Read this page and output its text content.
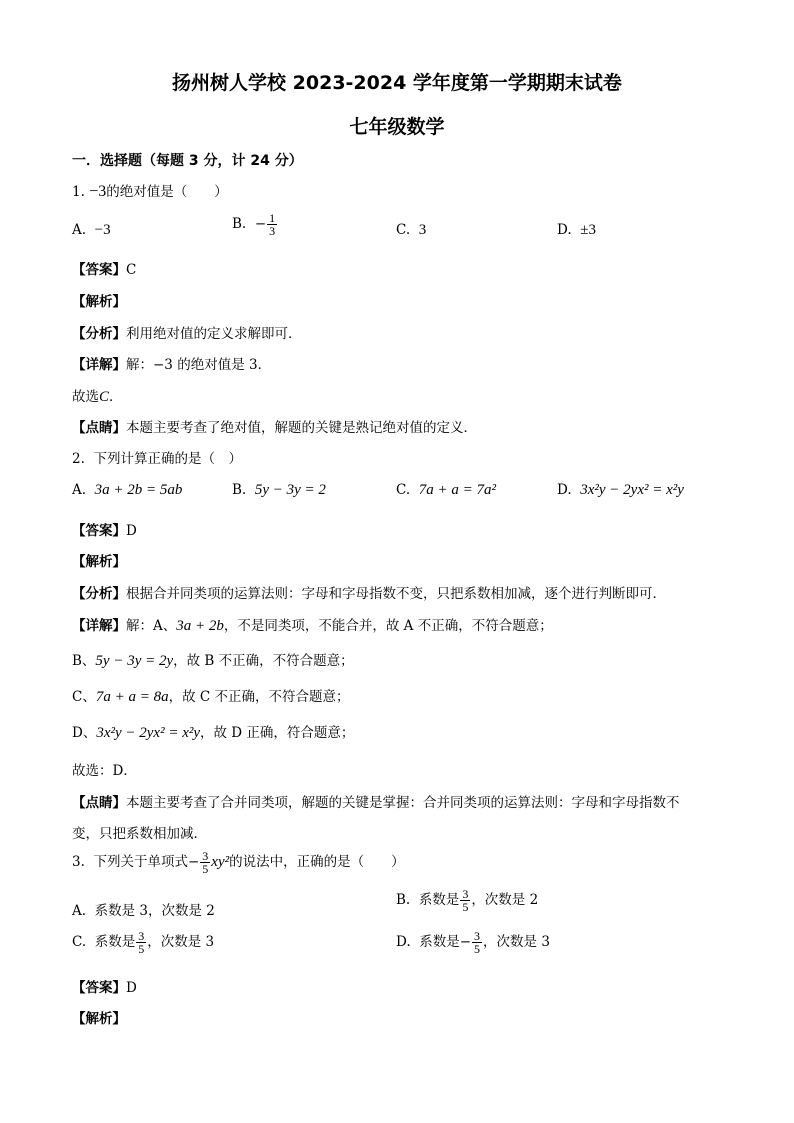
扬州树人学校 2023-2024 学年度第一学期期末试卷
七年级数学
一．选择题（每题 3 分，计 24 分）
1. −3的绝对值是（　　）
A. −3	B. − $\frac{1}{3}$	C. 3	D. ±3
【答案】C
【解析】
【分析】利用绝对值的定义求解即可．
【详解】解：−3 的绝对值是 3．
故选C．
【点睛】本题主要考查了绝对值，解题的关键是熟记绝对值的定义．
2. 下列计算正确的是（　）
A. 3a + 2b = 5ab	B. 5y − 3y = 2	C. 7a + a = 7a²	D. 3x²y − 2yx² = x²y
【答案】D
【解析】
【分析】根据合并同类项的运算法则：字母和字母指数不变，只把系数相加减，逐个进行判断即可．
【详解】解：A、3a + 2b，不是同类项，不能合并，故 A 不正确，不符合题意；
B、5y − 3y = 2y，故 B 不正确，不符合题意；
C、7a + a = 8a，故 C 不正确，不符合题意；
D、3x²y − 2yx² = x²y，故 D 正确，符合题意；
故选：D．
【点睛】本题主要考查了合并同类项，解题的关键是掌握：合并同类项的运算法则：字母和字母指数不
变，只把系数相加减．
3. 下列关于单项式− $\frac{3}{5} xy^2$的说法中，正确的是（　　）
A. 系数是 3，次数是 2
B. 系数是 $\frac{3}{5}$ ，次数是 2
C. 系数是 $\frac{3}{5}$ ，次数是 3	D. 系数是− $\frac{3}{5}$ ，次数是 3
【答案】D
【解析】
